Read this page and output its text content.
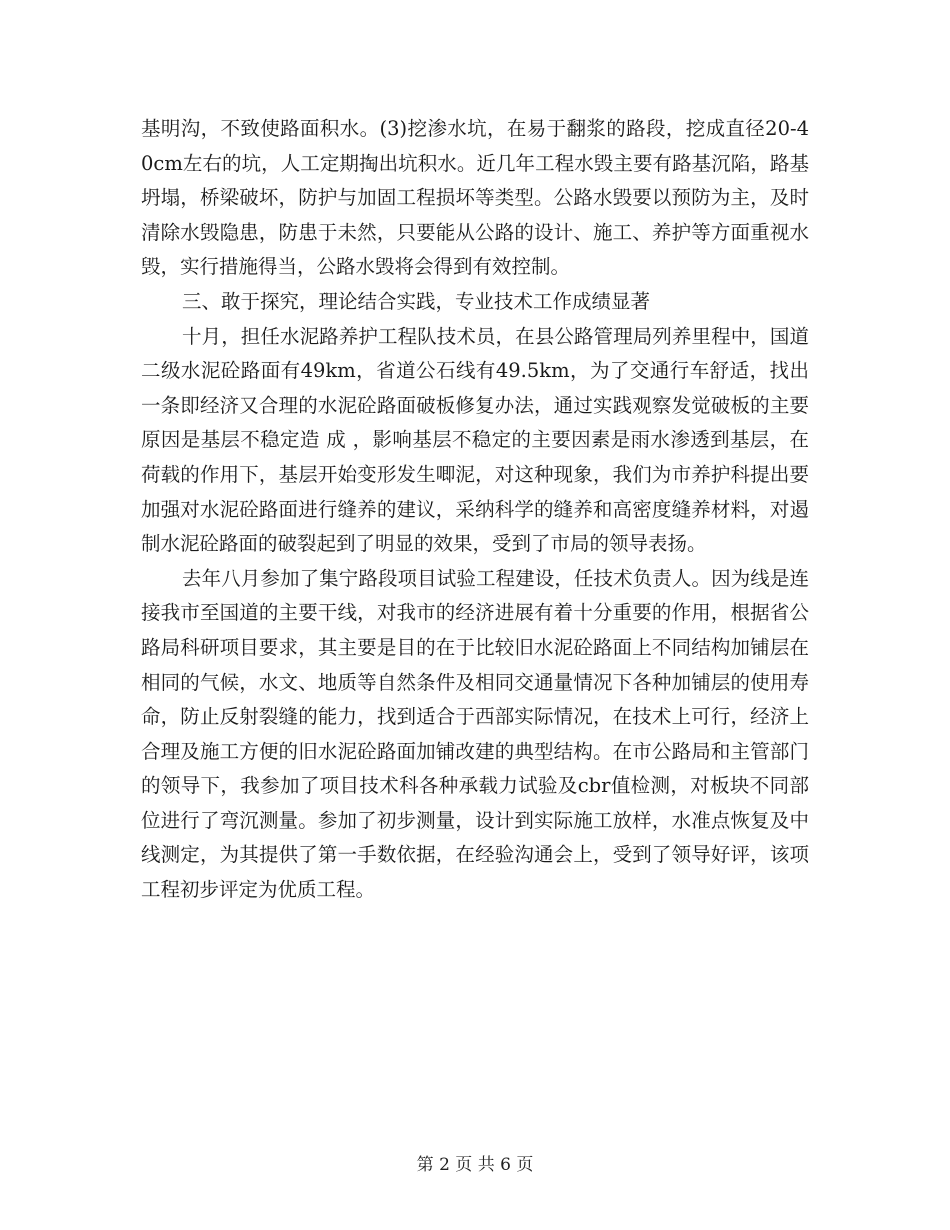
基明沟，不致使路面积水。(3)挖渗水坑，在易于翻浆的路段，挖成直径20-40cm左右的坑，人工定期掏出坑积水。近几年工程水毁主要有路基沉陷，路基坍塌，桥梁破坏，防护与加固工程损坏等类型。公路水毁要以预防为主，及时清除水毁隐患，防患于未然，只要能从公路的设计、施工、养护等方面重视水毁，实行措施得当，公路水毁将会得到有效控制。

三、敢于探究，理论结合实践，专业技术工作成绩显著

十月，担任水泥路养护工程队技术员，在县公路管理局列养里程中，国道二级水泥砼路面有49km，省道公石线有49.5km，为了交通行车舒适，找出一条即经济又合理的水泥砼路面破板修复办法，通过实践观察发觉破板的主要原因是基层不稳定造 成 ，影响基层不稳定的主要因素是雨水渗透到基层，在荷载的作用下，基层开始变形发生唧泥，对这种现象，我们为市养护科提出要加强对水泥砼路面进行缝养的建议，采纳科学的缝养和高密度缝养材料，对遏制水泥砼路面的破裂起到了明显的效果，受到了市局的领导表扬。

去年八月参加了集宁路段项目试验工程建设，任技术负责人。因为线是连接我市至国道的主要干线，对我市的经济进展有着十分重要的作用，根据省公路局科研项目要求，其主要是目的在于比较旧水泥砼路面上不同结构加铺层在相同的气候，水文、地质等自然条件及相同交通量情况下各种加铺层的使用寿命，防止反射裂缝的能力，找到适合于西部实际情况，在技术上可行，经济上合理及施工方便的旧水泥砼路面加铺改建的典型结构。在市公路局和主管部门的领导下，我参加了项目技术科各种承载力试验及cbr值检测，对板块不同部位进行了弯沉测量。参加了初步测量，设计到实际施工放样，水准点恢复及中线测定，为其提供了第一手数依据，在经验沟通会上，受到了领导好评，该项工程初步评定为优质工程。

第 2 页 共 6 页
